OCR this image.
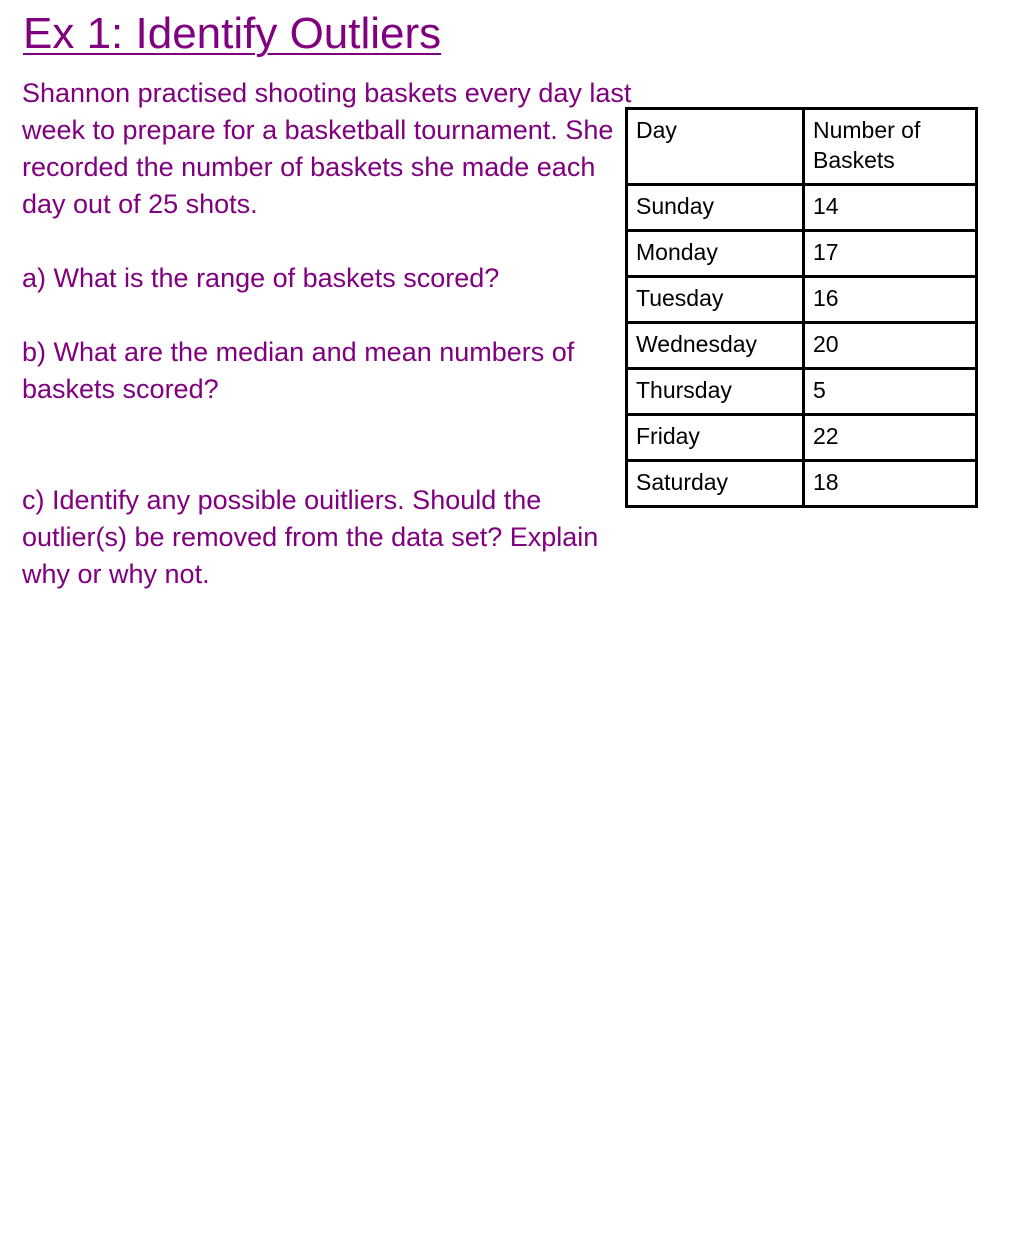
Ex 1: Identify Outliers

Shannon practised shooting baskets every day last week to prepare for a basketball tournament. She recorded the number of baskets she made each day out of 25 shots.

a) What is the range of baskets scored?

b) What are the median and mean numbers of baskets scored?

c) Identify any possible ouitliers. Should the outlier(s) be removed from the data set? Explain why or why not.

Day	Number of
Baskets
Sunday	14
Monday	17
Tuesday	16
Wednesday	20
Thursday	5
Friday	22
Saturday	18
